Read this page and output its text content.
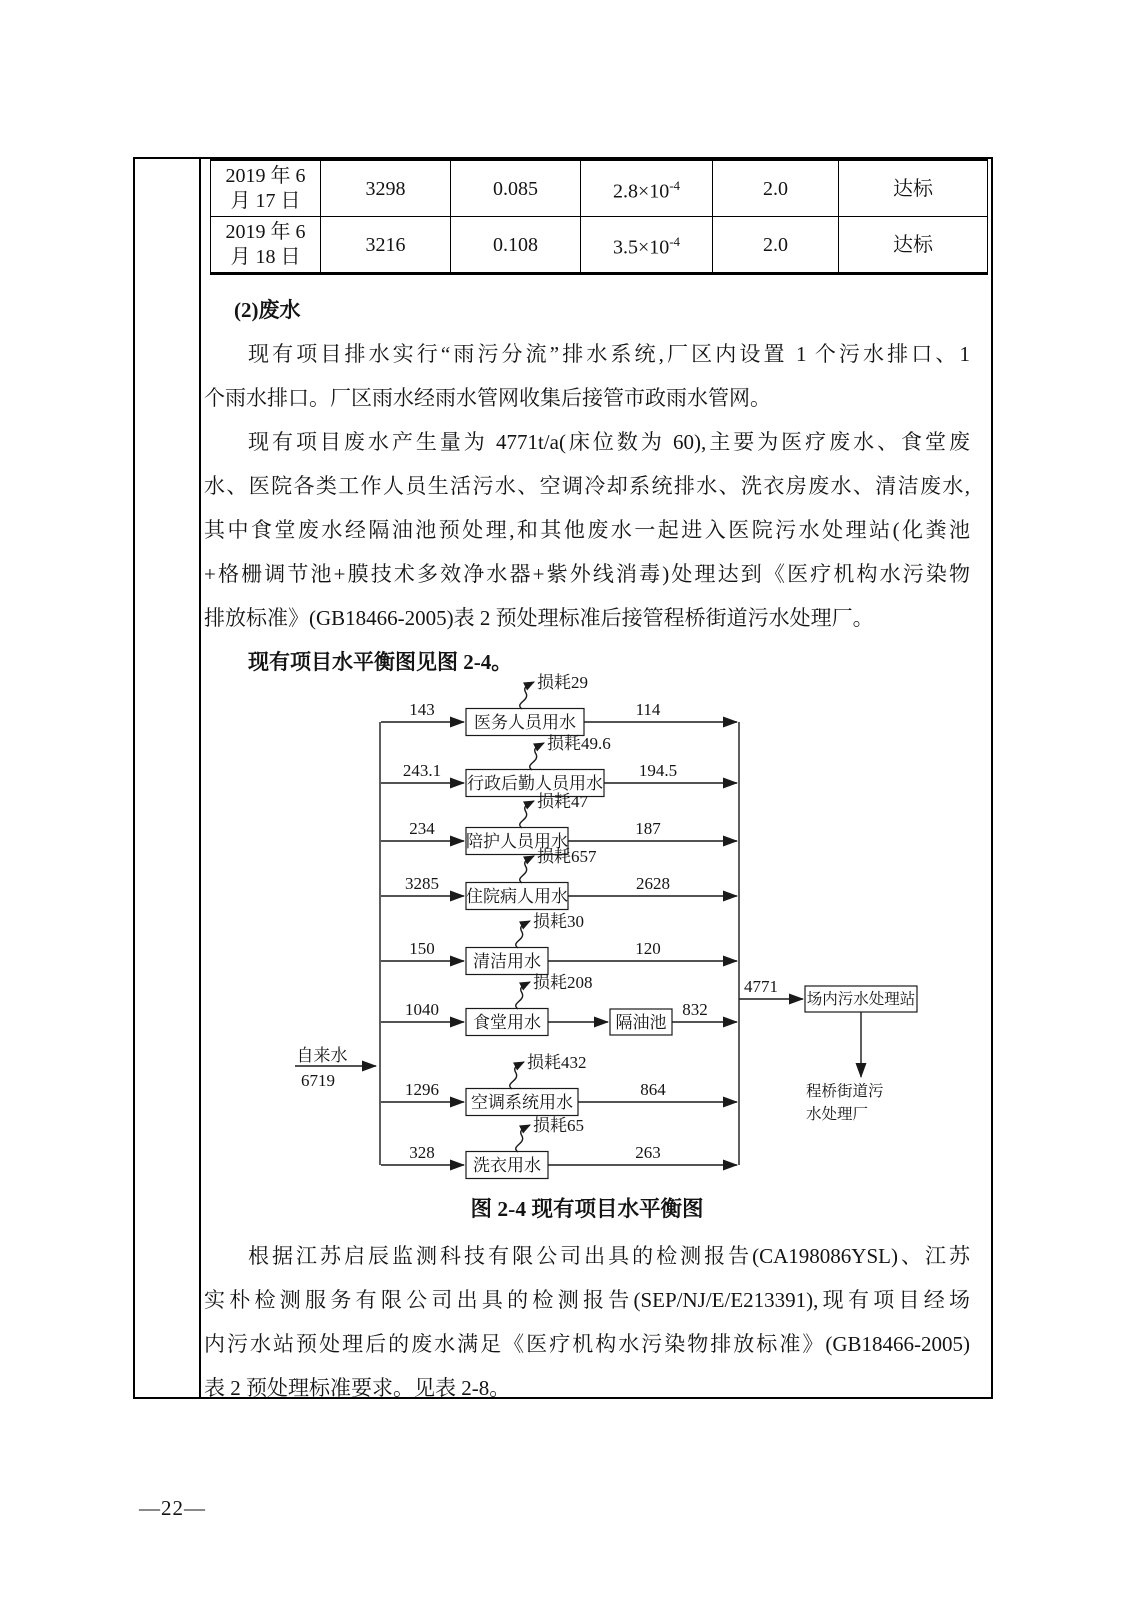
2019 年 6
月 17 日	3298	0.085	$2.8\times 10^{-4}$	2.0	达标
2019 年 6
月 18 日	3216	0.108	$3.5\times 10^{-4}$	2.0	达标
(2)废水
现有项目排水实行“雨污分流”排水系统,厂区内设置 1 个污水排口、1
个雨水排口。厂区雨水经雨水管网收集后接管市政雨水管网。
现有项目废水产生量为 4771t/a(床位数为 60),主要为医疗废水、食堂废
水、医院各类工作人员生活污水、空调冷却系统排水、洗衣房废水、清洁废水,
其中食堂废水经隔油池预处理,和其他废水一起进入医院污水处理站(化粪池
+格栅调节池+膜技术多效净水器+紫外线消毒)处理达到《医疗机构水污染物
排放标准》(GB18466-2005)表 2 预处理标准后接管程桥街道污水处理厂。
现有项目水平衡图见图 2-4。
自来水
6719
143
医务人员用水
损耗29
114
243.1
行政后勤人员用水
损耗49.6
194.5
234
陪护人员用水
损耗47
187
3285
住院病人用水
损耗657
2628
150
清洁用水
损耗30
120
1040
食堂用水
损耗208
隔油池
832
1296
空调系统用水
损耗432
864
328
洗衣用水
损耗65
263
4771
场内污水处理站
程桥街道污
水处理厂
图 2-4 现有项目水平衡图
根据江苏启辰监测科技有限公司出具的检测报告(CA198086YSL)、江苏
实朴检测服务有限公司出具的检测报告(SEP/NJ/E/E213391),现有项目经场
内污水站预处理后的废水满足《医疗机构水污染物排放标准》(GB18466-2005)
表 2 预处理标准要求。见表 2-8。
—22—
